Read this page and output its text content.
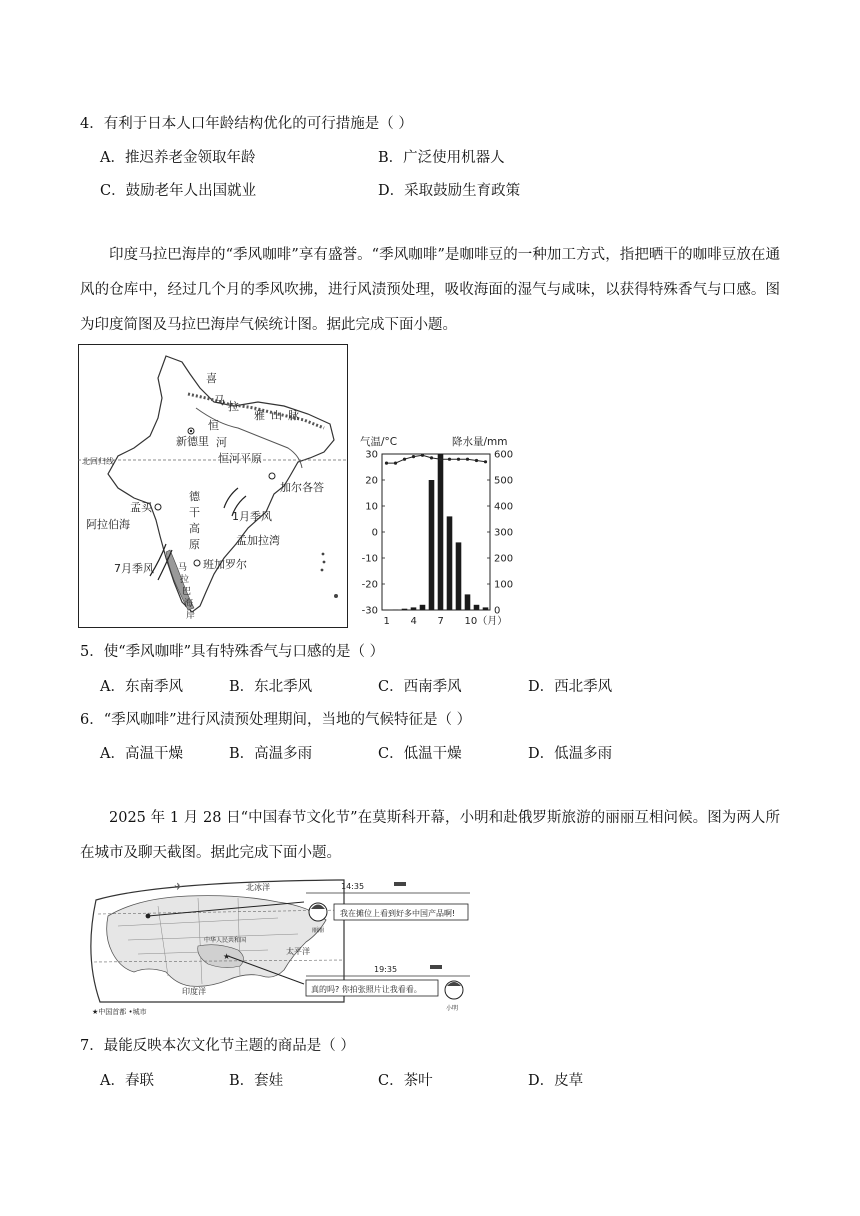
4．有利于日本人口年龄结构优化的可行措施是（ ）
A．推迟养老金领取年龄	B．广泛使用机器人
C．鼓励老年人出国就业	D．采取鼓励生育政策
印度马拉巴海岸的“季风咖啡”享有盛誉。“季风咖啡”是咖啡豆的一种加工方式，指把晒干的咖啡豆放在通风的仓库中，经过几个月的季风吹拂，进行风渍预处理，吸收海面的湿气与咸味，以获得特殊香气与口感。图为印度简图及马拉巴海岸气候统计图。据此完成下面小题。
喜
马 拉
雅 山 脉
恒
河
新德里
恒河平原
北回归线
加尔各答
孟买
阿拉伯海
德
干
高
原
1月季风
孟加拉湾
7月季风	班加罗尔
马
拉
巴
海
岸
气温/°C	降水量/mm
30
20
10
0
-10
-20
-30
600
500
400
300
200
100
0
1 4 7 10（月）
5．使“季风咖啡”具有特殊香气与口感的是（ ）
A．东南季风	B．东北季风	C．西南季风	D．西北季风
6．“季风咖啡”进行风渍预处理期间，当地的气候特征是（ ）
A．高温干燥	B．高温多雨	C．低温干燥	D．低温多雨
2025 年 1 月 28 日“中国春节文化节”在莫斯科开幕，小明和赴俄罗斯旅游的丽丽互相问候。图为两人所在城市及聊天截图。据此完成下面小题。
★
✈	北冰洋
太平洋
印度洋
中华人民共和国
★中国首都 •城市
14:35
我在摊位上看到好多中国产品啊!
丽丽
19:35
真的吗? 你拍张照片让我看看。
小明
7．最能反映本次文化节主题的商品是（ ）
A．春联	B．套娃	C．茶叶	D．皮草
